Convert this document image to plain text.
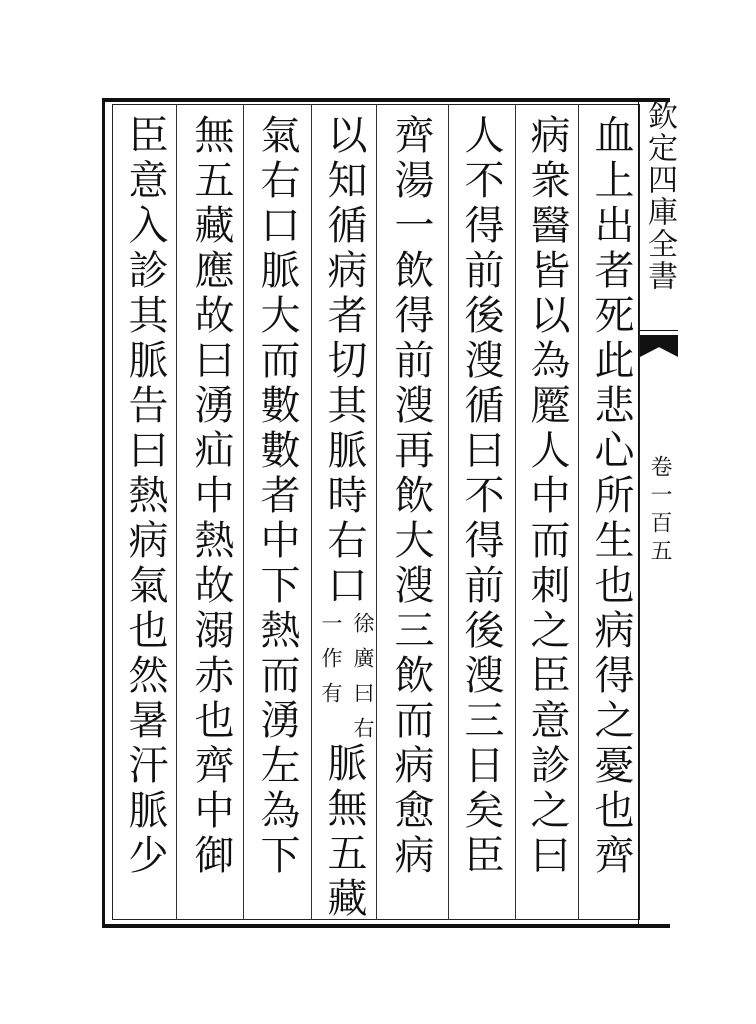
欽定四庫全書
卷一百五
血上出者死此悲心所生也病得之憂也齊
病衆醫皆以為蹷人中而刺之臣意診之曰
人不得前後溲循曰不得前後溲三日矣臣
齊湯一飲得前溲再飲大溲三飲而病愈病
以知循病者切其脈時右口
徐廣曰右
一作有
脈無五藏
氣右口脈大而數數者中下熱而湧左為下
無五藏應故曰湧疝中熱故溺赤也齊中御
臣意入診其脈告曰熱病氣也然暑汗脈少
